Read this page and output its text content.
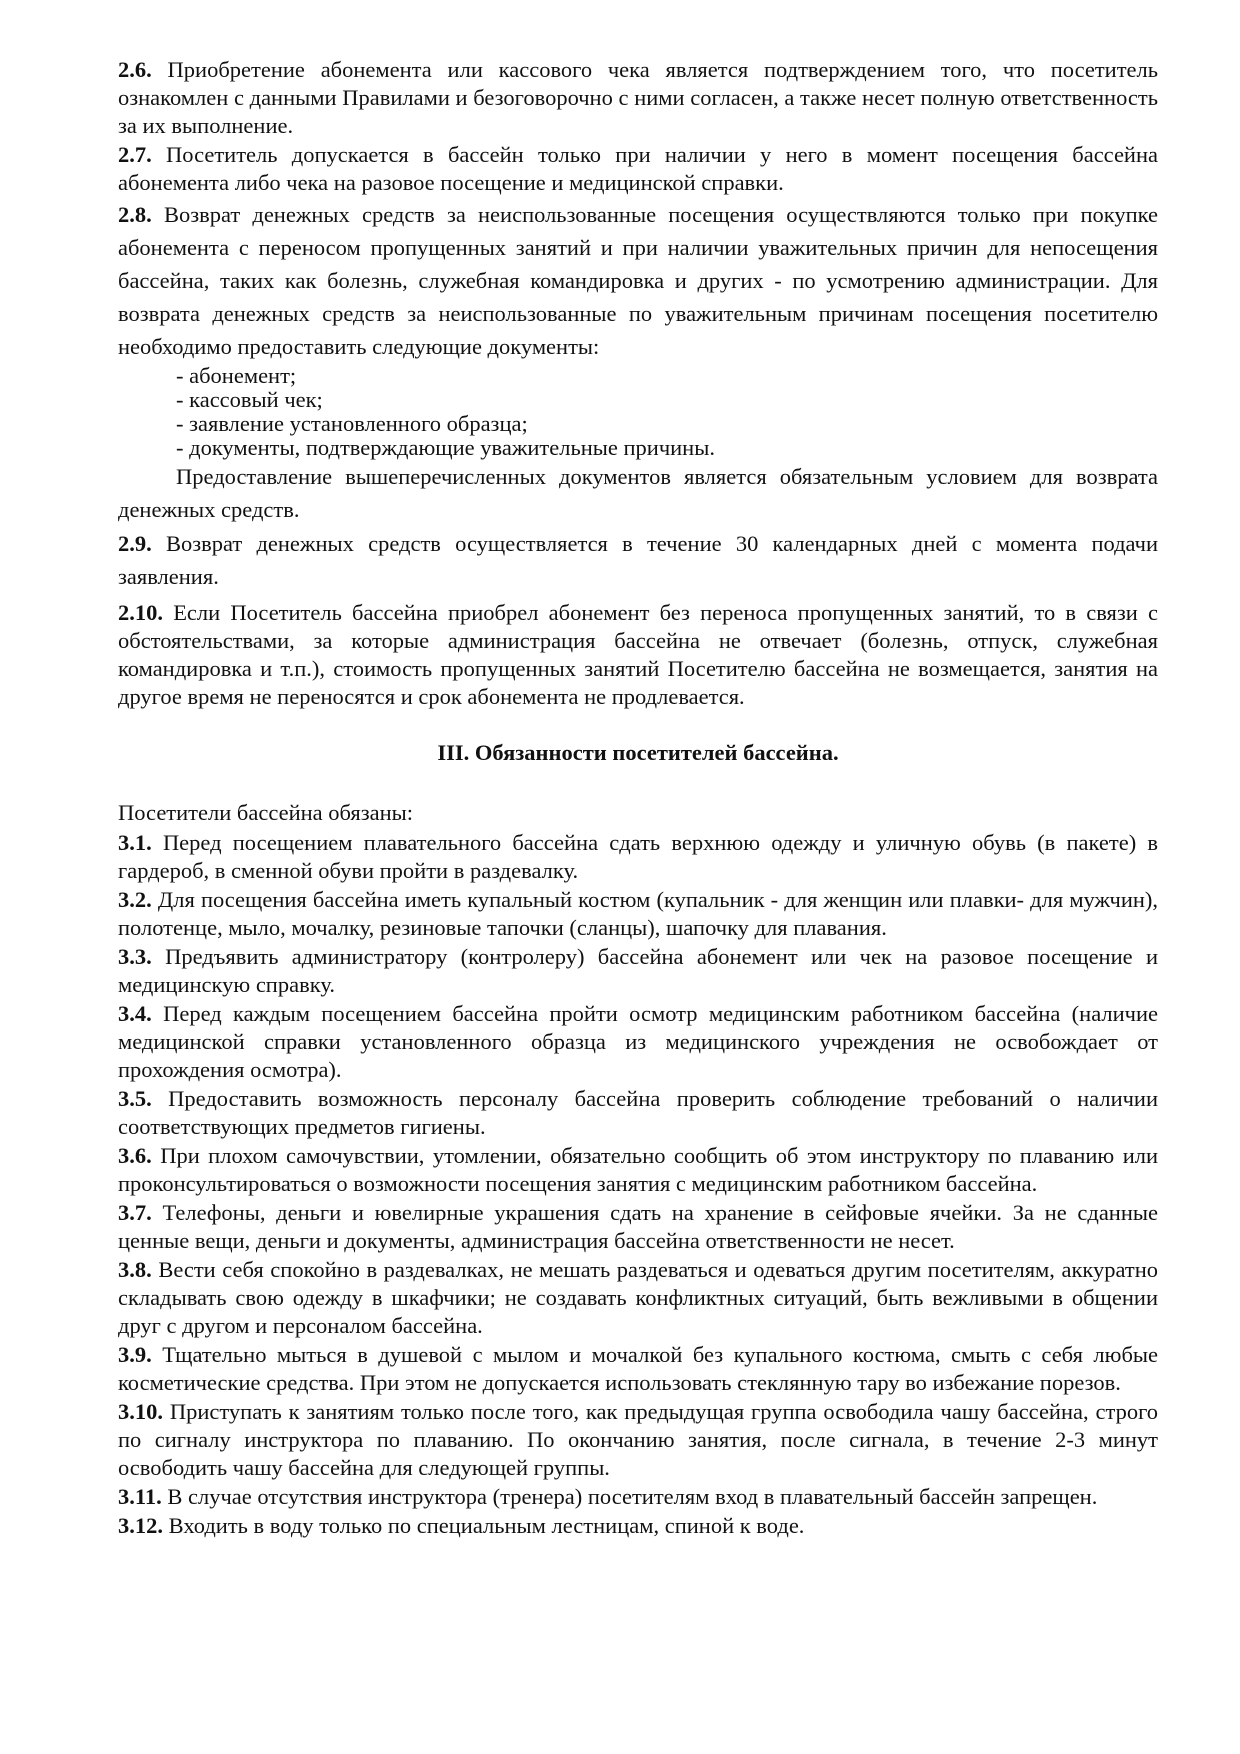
2.6. Приобретение абонемента или кассового чека является подтверждением того, что посетитель ознакомлен с данными Правилами и безоговорочно с ними согласен, а также несет полную ответственность за их выполнение.

2.7. Посетитель допускается в бассейн только при наличии у него в момент посещения бассейна абонемента либо чека на разовое посещение и медицинской справки.

2.8. Возврат денежных средств за неиспользованные посещения осуществляются только при покупке абонемента с переносом пропущенных занятий и при наличии уважительных причин для непосещения бассейна, таких как болезнь, служебная командировка и других - по усмотрению администрации. Для возврата денежных средств за неиспользованные по уважительным причинам посещения посетителю необходимо предоставить следующие документы:

- абонемент;
- кассовый чек;
- заявление установленного образца;
- документы, подтверждающие уважительные причины.

Предоставление вышеперечисленных документов является обязательным условием для возврата денежных средств.

2.9. Возврат денежных средств осуществляется в течение 30 календарных дней с момента подачи заявления.

2.10. Если Посетитель бассейна приобрел абонемент без переноса пропущенных занятий, то в связи с обстоятельствами, за которые администрация бассейна не отвечает (болезнь, отпуск, служебная командировка и т.п.), стоимость пропущенных занятий Посетителю бассейна не возмещается, занятия на другое время не переносятся и срок абонемента не продлевается.

III. Обязанности посетителей бассейна.

Посетители бассейна обязаны:

3.1. Перед посещением плавательного бассейна сдать верхнюю одежду и уличную обувь (в пакете) в гардероб, в сменной обуви пройти в раздевалку.

3.2. Для посещения бассейна иметь купальный костюм (купальник - для женщин или плавки- для мужчин), полотенце, мыло, мочалку, резиновые тапочки (сланцы), шапочку для плавания.

3.3. Предъявить администратору (контролеру) бассейна абонемент или чек на разовое посещение и медицинскую справку.

3.4. Перед каждым посещением бассейна пройти осмотр медицинским работником бассейна (наличие медицинской справки установленного образца из медицинского учреждения не освобождает от прохождения осмотра).

3.5. Предоставить возможность персоналу бассейна проверить соблюдение требований о наличии соответствующих предметов гигиены.

3.6. При плохом самочувствии, утомлении, обязательно сообщить об этом инструктору по плаванию или проконсультироваться о возможности посещения занятия с медицинским работником бассейна.

3.7. Телефоны, деньги и ювелирные украшения сдать на хранение в сейфовые ячейки. За не сданные ценные вещи, деньги и документы, администрация бассейна ответственности не несет.

3.8. Вести себя спокойно в раздевалках, не мешать раздеваться и одеваться другим посетителям, аккуратно складывать свою одежду в шкафчики; не создавать конфликтных ситуаций, быть вежливыми в общении друг с другом и персоналом бассейна.

3.9. Тщательно мыться в душевой с мылом и мочалкой без купального костюма, смыть с себя любые косметические средства. При этом не допускается использовать стеклянную тару во избежание порезов.

3.10. Приступать к занятиям только после того, как предыдущая группа освободила чашу бассейна, строго по сигналу инструктора по плаванию. По окончанию занятия, после сигнала, в течение 2-3 минут освободить чашу бассейна для следующей группы.

3.11. В случае отсутствия инструктора (тренера) посетителям вход в плавательный бассейн запрещен.

3.12. Входить в воду только по специальным лестницам, спиной к воде.
